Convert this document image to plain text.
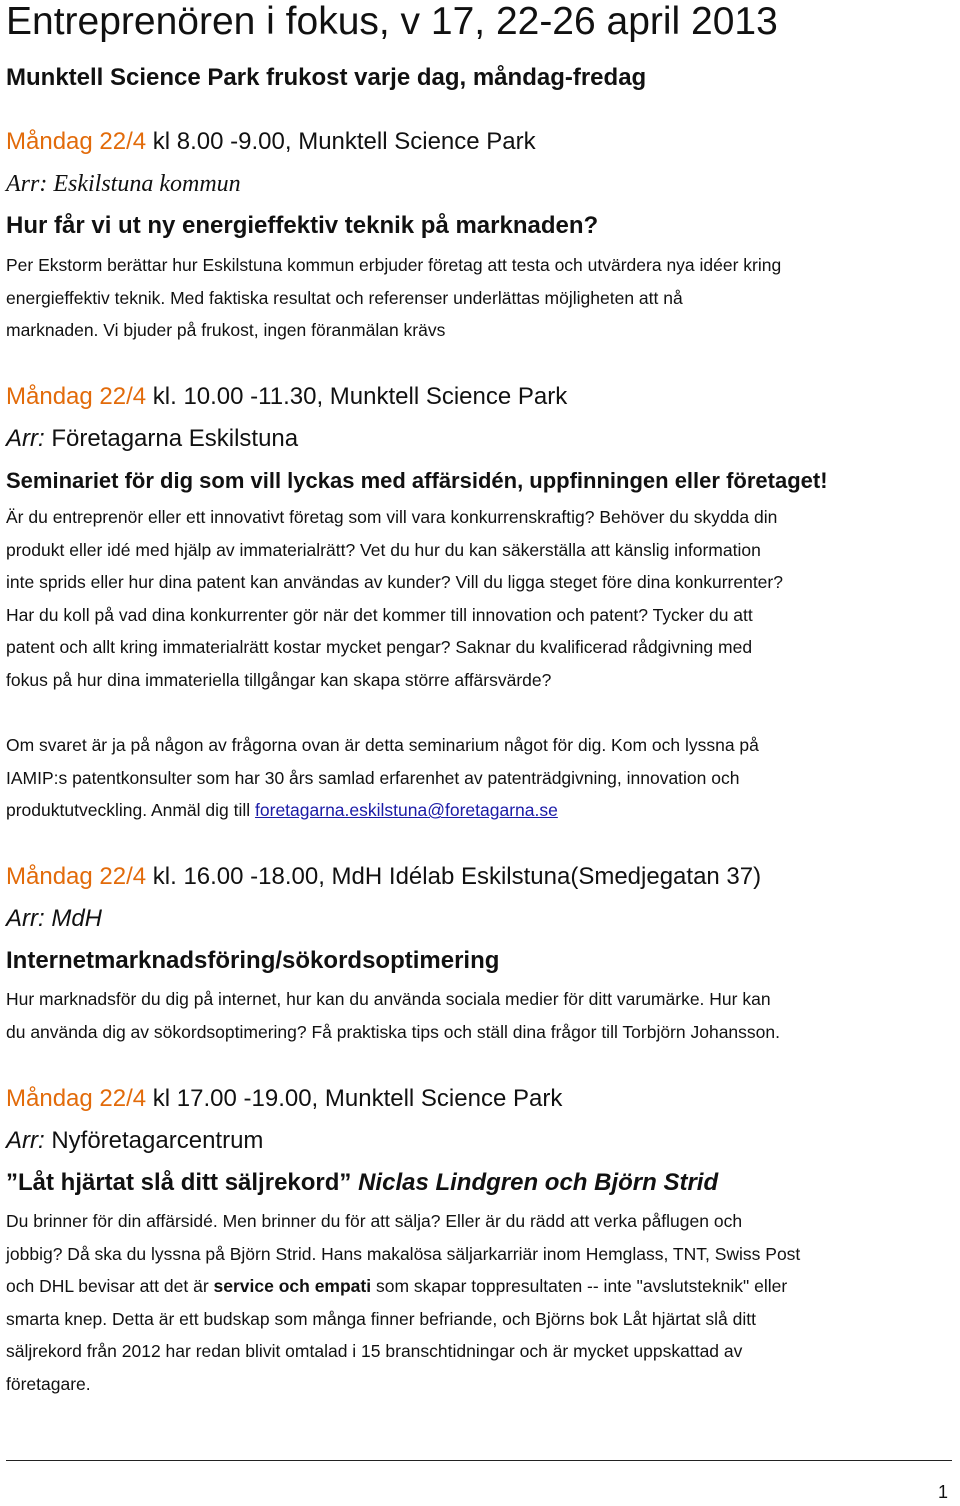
Entreprenören i fokus, v 17, 22-26 april 2013
Munktell Science Park frukost varje dag, måndag-fredag
Måndag 22/4 kl 8.00 -9.00, Munktell Science Park
Arr: Eskilstuna kommun
Hur får vi ut ny energieffektiv teknik på marknaden?
Per Ekstorm berättar hur Eskilstuna kommun erbjuder företag att testa och utvärdera nya idéer kring
energieffektiv teknik. Med faktiska resultat och referenser underlättas möjligheten att nå
marknaden. Vi bjuder på frukost, ingen föranmälan krävs
Måndag 22/4 kl. 10.00 -11.30, Munktell Science Park
Arr: Företagarna Eskilstuna
Seminariet för dig som vill lyckas med affärsidén, uppfinningen eller företaget!
Är du entreprenör eller ett innovativt företag som vill vara konkurrenskraftig? Behöver du skydda din
produkt eller idé med hjälp av immaterialrätt? Vet du hur du kan säkerställa att känslig information
inte sprids eller hur dina patent kan användas av kunder? Vill du ligga steget före dina konkurrenter?
Har du koll på vad dina konkurrenter gör när det kommer till innovation och patent? Tycker du att
patent och allt kring immaterialrätt kostar mycket pengar? Saknar du kvalificerad rådgivning med
fokus på hur dina immateriella tillgångar kan skapa större affärsvärde?
Om svaret är ja på någon av frågorna ovan är detta seminarium något för dig. Kom och lyssna på
IAMIP:s patentkonsulter som har 30 års samlad erfarenhet av patenträdgivning, innovation och
produktutveckling. Anmäl dig till foretagarna.eskilstuna@foretagarna.se
Måndag 22/4 kl. 16.00 -18.00, MdH Idélab Eskilstuna(Smedjegatan 37)
Arr: MdH
Internetmarknadsföring/sökordsoptimering
Hur marknadsför du dig på internet, hur kan du använda sociala medier för ditt varumärke. Hur kan
du använda dig av sökordsoptimering? Få praktiska tips och ställ dina frågor till Torbjörn Johansson.
Måndag 22/4 kl 17.00 -19.00, Munktell Science Park
Arr: Nyföretagarcentrum
”Låt hjärtat slå ditt säljrekord” Niclas Lindgren och Björn Strid
Du brinner för din affärsidé. Men brinner du för att sälja? Eller är du rädd att verka påflugen och
jobbig? Då ska du lyssna på Björn Strid. Hans makalösa säljarkarriär inom Hemglass, TNT, Swiss Post
och DHL bevisar att det är service och empati som skapar toppresultaten -- inte "avslutsteknik" eller
smarta knep. Detta är ett budskap som många finner befriande, och Björns bok Låt hjärtat slå ditt
säljrekord från 2012 har redan blivit omtalad i 15 branschtidningar och är mycket uppskattad av
företagare.
1
